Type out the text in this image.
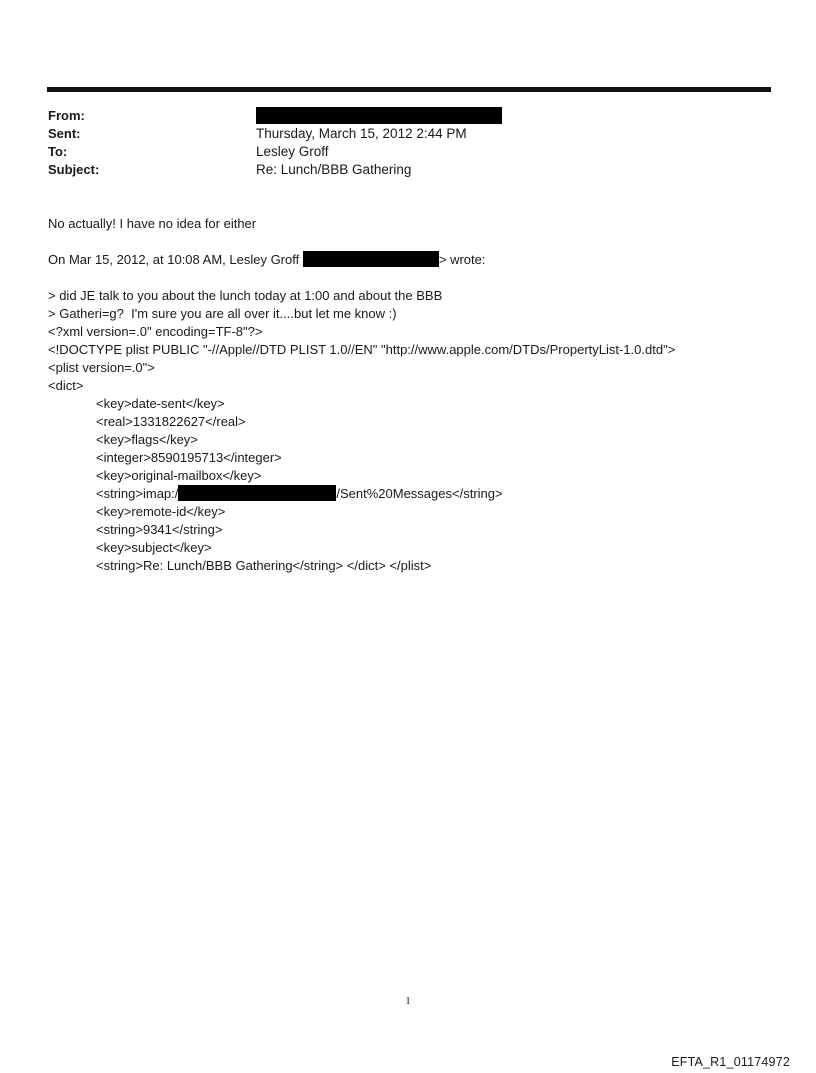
From:
Sent:	Thursday, March 15, 2012 2:44 PM
To:	Lesley Groff
Subject:	Re: Lunch/BBB Gathering
No actually! I have no idea for either
On Mar 15, 2012, at 10:08 AM, Lesley Groff	> wrote:
> did JE talk to you about the lunch today at 1:00 and about the BBB
> Gatheri=g?  I'm sure you are all over it....but let me know :)
<?xml version=.0" encoding=TF-8"?>
<!DOCTYPE plist PUBLIC "-//Apple//DTD PLIST 1.0//EN" "http://www.apple.com/DTDs/PropertyList-1.0.dtd">
<plist version=.0">
<dict>
<key>date-sent</key>
<real>1331822627</real>
<key>flags</key>
<integer>8590195713</integer>
<key>original-mailbox</key>
<string>imap:/	/Sent%20Messages</string>
<key>remote-id</key>
<string>9341</string>
<key>subject</key>
<string>Re: Lunch/BBB Gathering</string> </dict> </plist>
1
EFTA_R1_01174972
